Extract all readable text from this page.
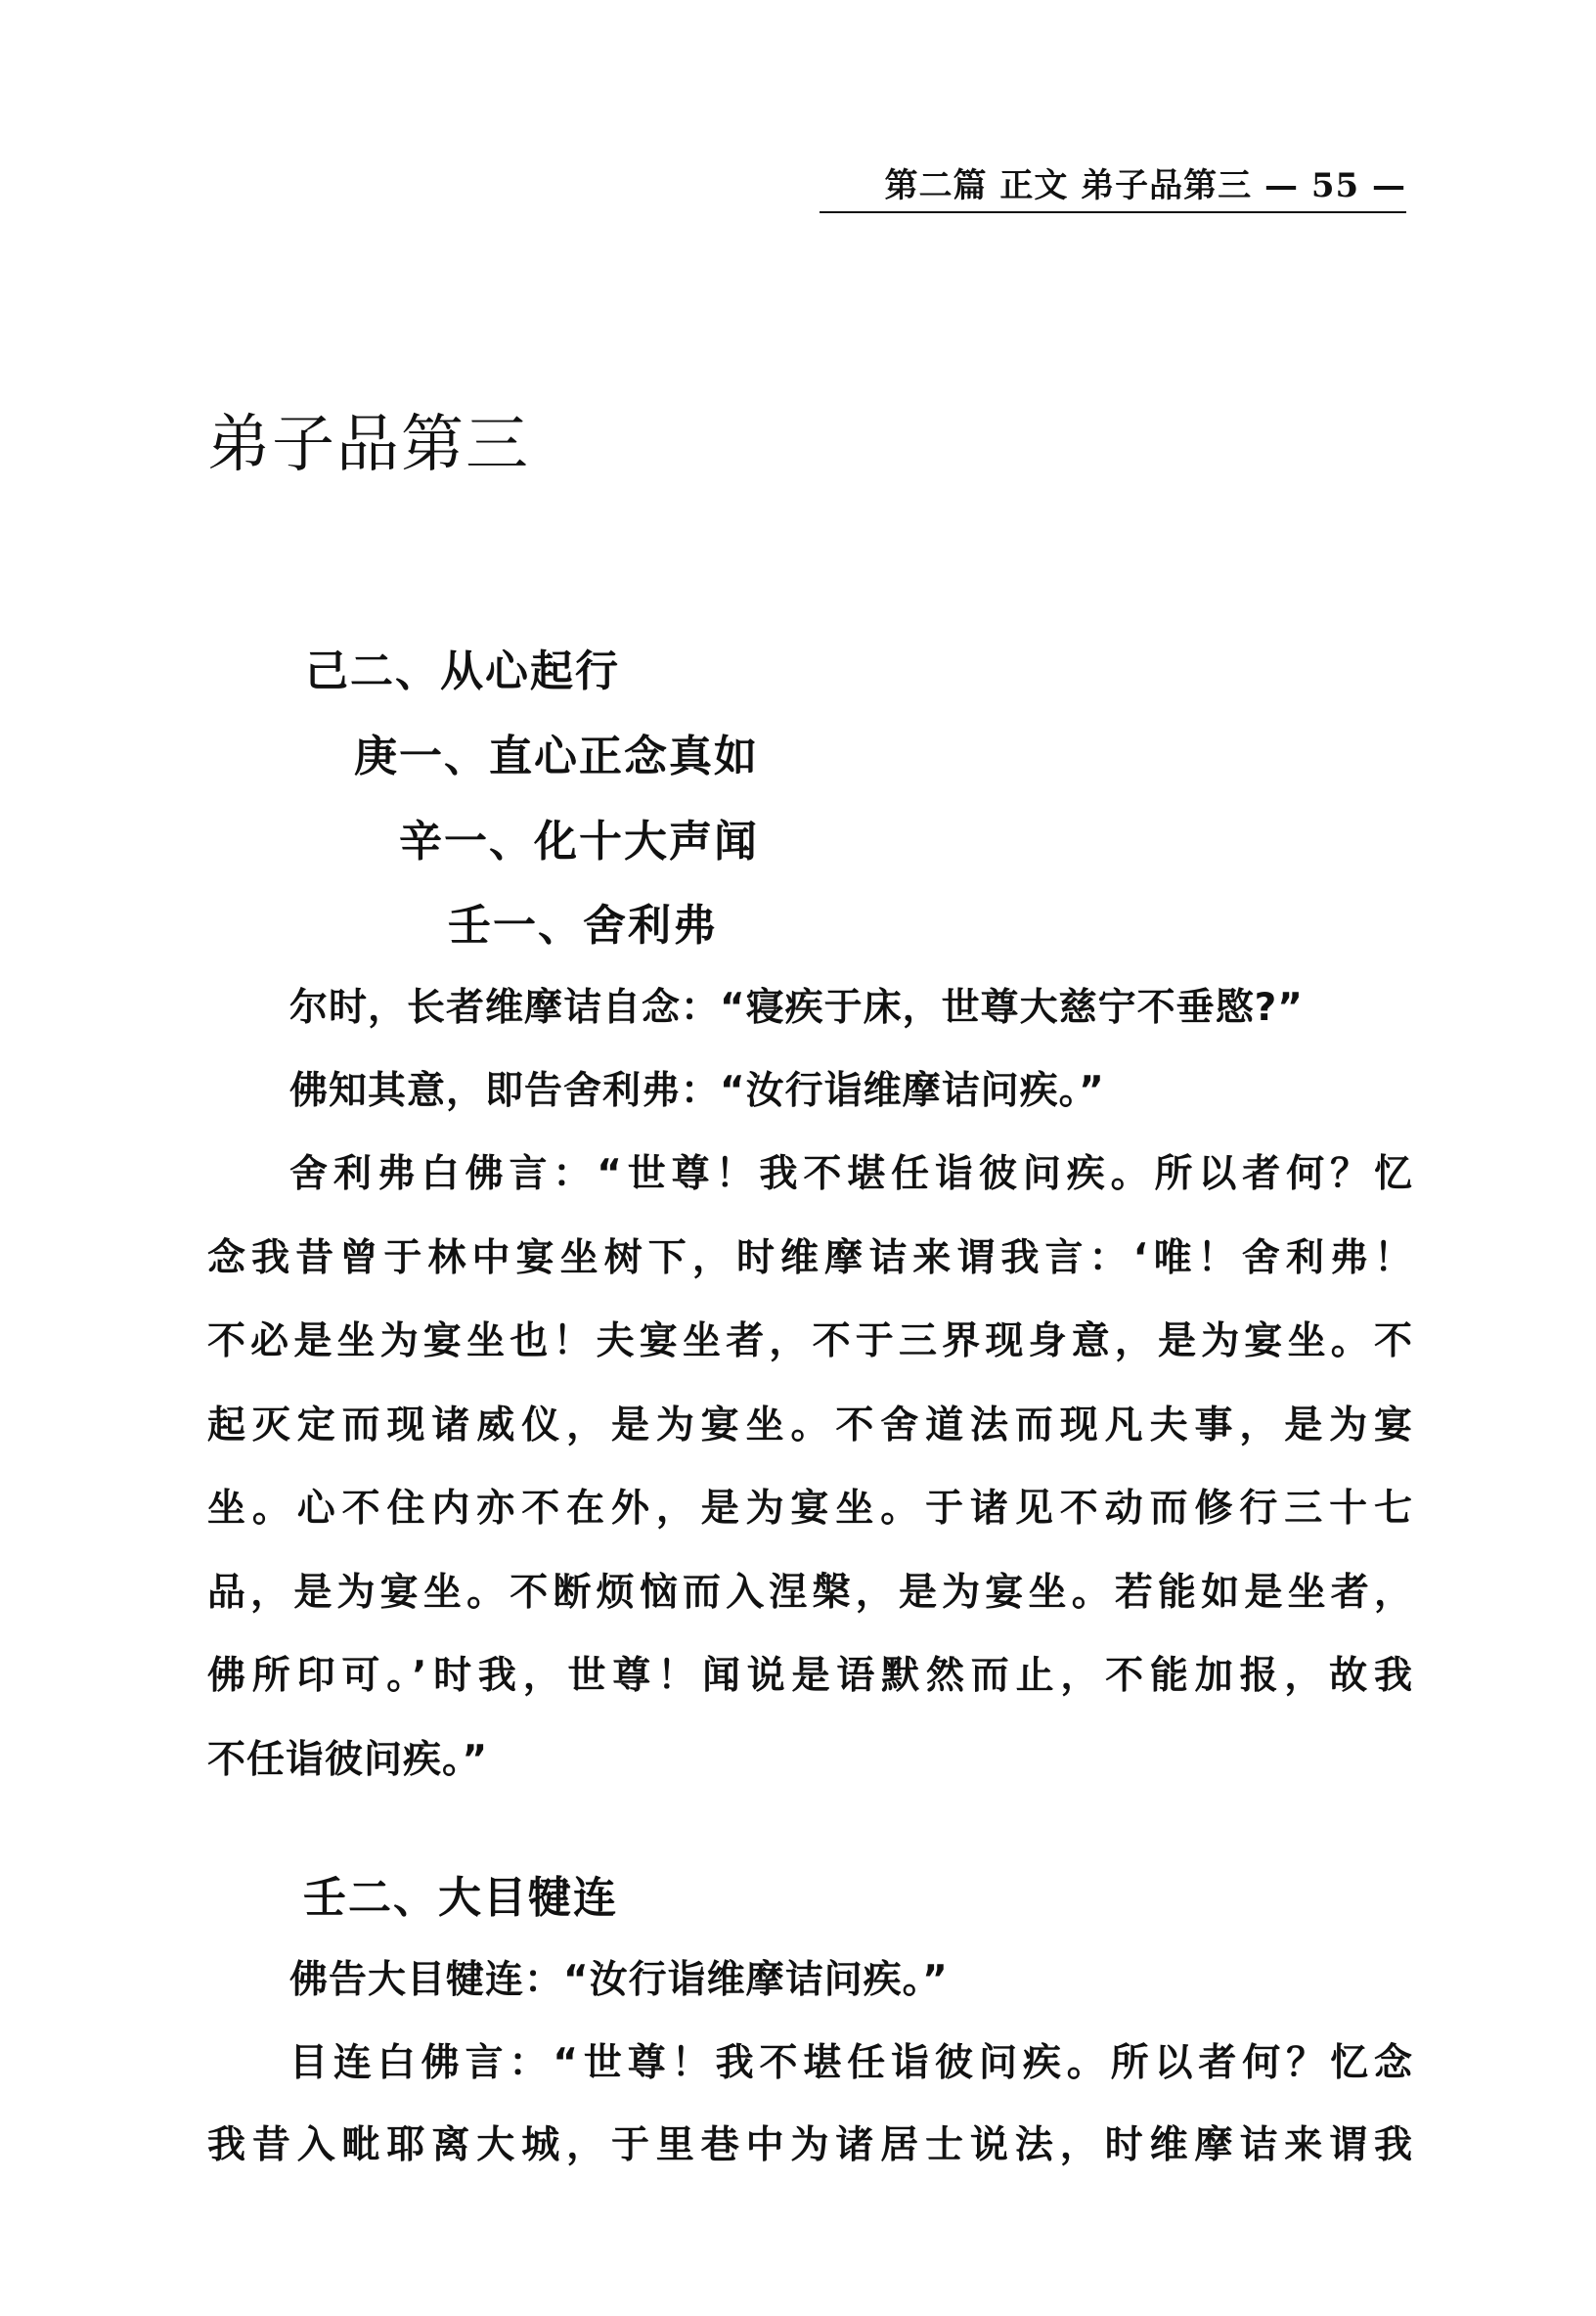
第二篇 正文 弟子品第三 — 55 —
弟子品第三
己二、从心起行
庚一、直心正念真如
辛一、化十大声闻
壬一、舍利弗
尔时，长者维摩诘自念：“寝疾于床，世尊大慈宁不垂愍?”
佛知其意，即告舍利弗：“汝行诣维摩诘问疾。”
舍利弗白佛言：“世尊！我不堪任诣彼问疾。所以者何？忆
念我昔曾于林中宴坐树下，时维摩诘来谓我言：‘唯！舍利弗！
不必是坐为宴坐也！夫宴坐者，不于三界现身意，是为宴坐。不
起灭定而现诸威仪，是为宴坐。不舍道法而现凡夫事，是为宴
坐。心不住内亦不在外，是为宴坐。于诸见不动而修行三十七
品，是为宴坐。不断烦恼而入涅槃，是为宴坐。若能如是坐者，
佛所印可。’时我，世尊！闻说是语默然而止，不能加报，故我
不任诣彼问疾。”
壬二、大目犍连
佛告大目犍连：“汝行诣维摩诘问疾。”
目连白佛言：“世尊！我不堪任诣彼问疾。所以者何？忆念
我昔入毗耶离大城，于里巷中为诸居士说法，时维摩诘来谓我
